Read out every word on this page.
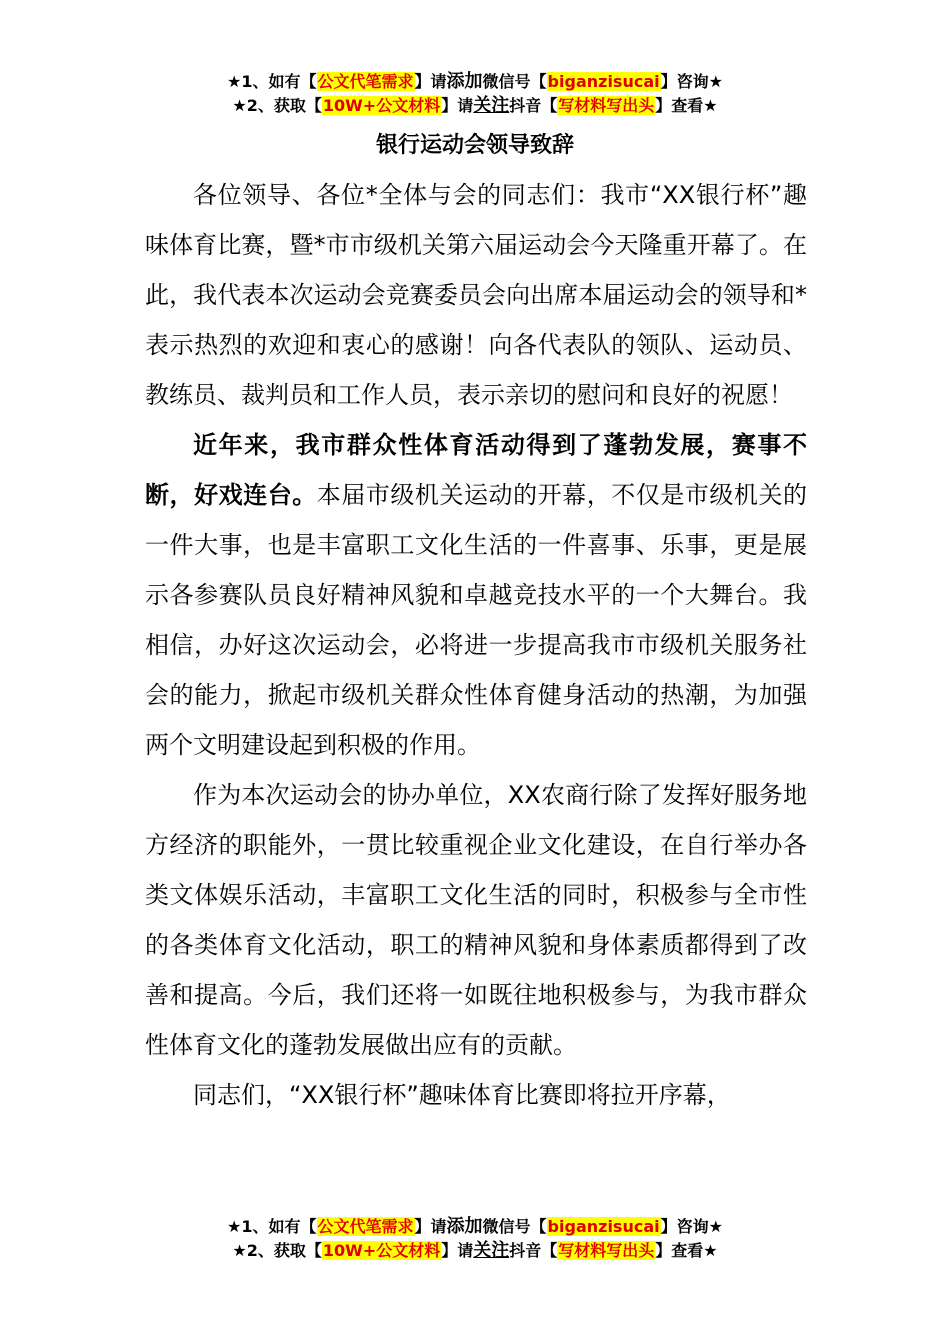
★1、如有【公文代笔需求】请添加微信号【biganzisucai】咨询★
★2、获取【10W+公文材料】请关注抖音【写材料写出头】查看★
银行运动会领导致辞

各位领导、各位*全体与会的同志们：我市“XX银行杯”趣味体育比赛，暨*市市级机关第六届运动会今天隆重开幕了。在此，我代表本次运动会竞赛委员会向出席本届运动会的领导和*表示热烈的欢迎和衷心的感谢！向各代表队的领队、运动员、教练员、裁判员和工作人员，表示亲切的慰问和良好的祝愿！

近年来，我市群众性体育活动得到了蓬勃发展，赛事不断，好戏连台。本届市级机关运动的开幕，不仅是市级机关的一件大事，也是丰富职工文化生活的一件喜事、乐事，更是展示各参赛队员良好精神风貌和卓越竞技水平的一个大舞台。我相信，办好这次运动会，必将进一步提高我市市级机关服务社会的能力，掀起市级机关群众性体育健身活动的热潮，为加强两个文明建设起到积极的作用。

作为本次运动会的协办单位，XX农商行除了发挥好服务地方经济的职能外，一贯比较重视企业文化建设，在自行举办各类文体娱乐活动，丰富职工文化生活的同时，积极参与全市性的各类体育文化活动，职工的精神风貌和身体素质都得到了改善和提高。今后，我们还将一如既往地积极参与，为我市群众性体育文化的蓬勃发展做出应有的贡献。

同志们，“XX银行杯”趣味体育比赛即将拉开序幕，

★1、如有【公文代笔需求】请添加微信号【biganzisucai】咨询★
★2、获取【10W+公文材料】请关注抖音【写材料写出头】查看★
